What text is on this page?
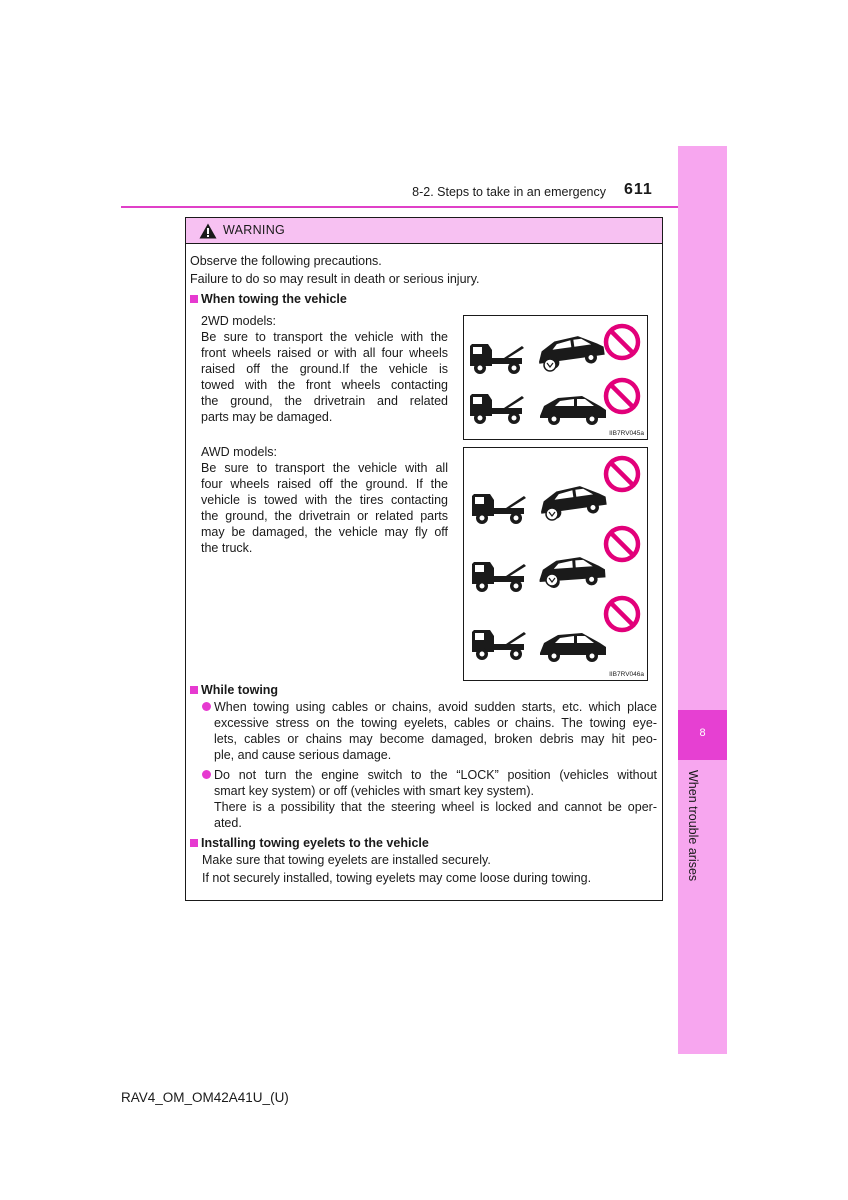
8-2. Steps to take in an emergency 611
8
When trouble arises
WARNING
Observe the following precautions.
Failure to do so may result in death or serious injury.
When towing the vehicle
2WD models:
Be sure to transport the vehicle with the
front wheels raised or with all four wheels
raised off the ground.If the vehicle is
towed with the front wheels contacting
the ground, the drivetrain and related
parts may be damaged.
IIB7RV045a
AWD models:
Be sure to transport the vehicle with all
four wheels raised off the ground. If the
vehicle is towed with the tires contacting
the ground, the drivetrain or related parts
may be damaged, the vehicle may fly off
the truck.
IIB7RV046a
While towing
When towing using cables or chains, avoid sudden starts, etc. which place
excessive stress on the towing eyelets, cables or chains. The towing eye-
lets, cables or chains may become damaged, broken debris may hit peo-
ple, and cause serious damage.
Do not turn the engine switch to the “LOCK” position (vehicles without
smart key system) or off (vehicles with smart key system).
There is a possibility that the steering wheel is locked and cannot be oper-
ated.
Installing towing eyelets to the vehicle
Make sure that towing eyelets are installed securely.
If not securely installed, towing eyelets may come loose during towing.
RAV4_OM_OM42A41U_(U)
